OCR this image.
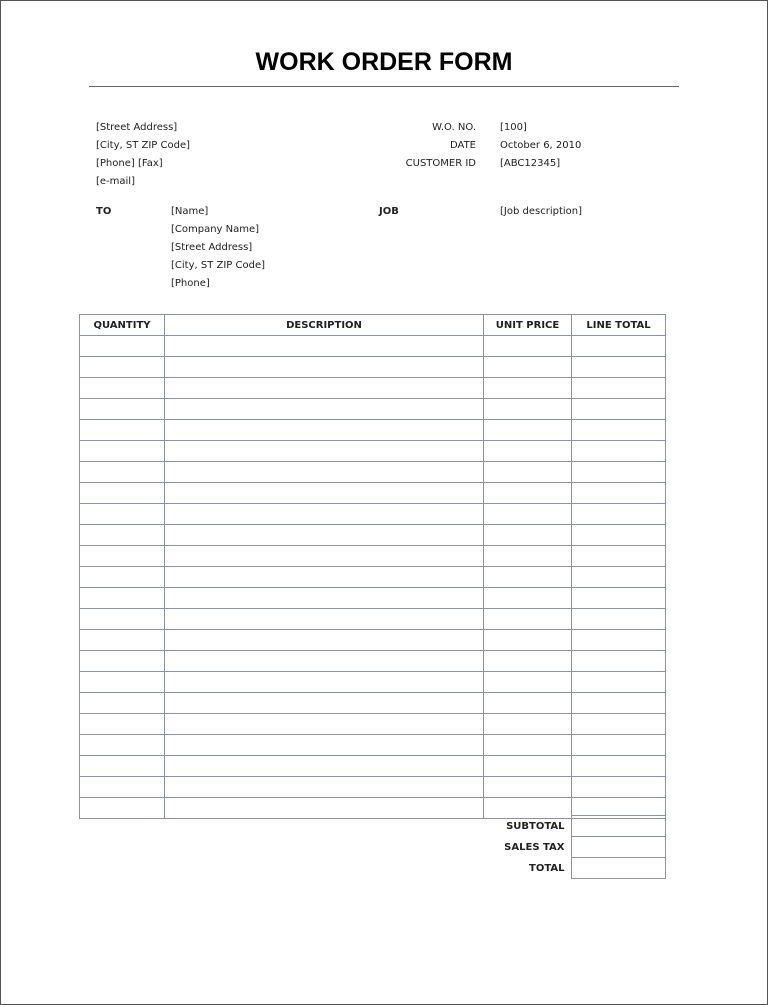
WORK ORDER FORM
[Street Address]
[City, ST ZIP Code]
[Phone] [Fax]
[e-mail]
W.O. NO. [100]
DATE October 6, 2010
CUSTOMER ID [ABC12345]
TO	[Name]
[Company Name]
[Street Address]
[City, ST ZIP Code]
[Phone]
JOB	[Job description]
QUANTITY	DESCRIPTION	UNIT PRICE	LINE TOTAL

SUBTOTAL	
SALES TAX	
TOTAL	
